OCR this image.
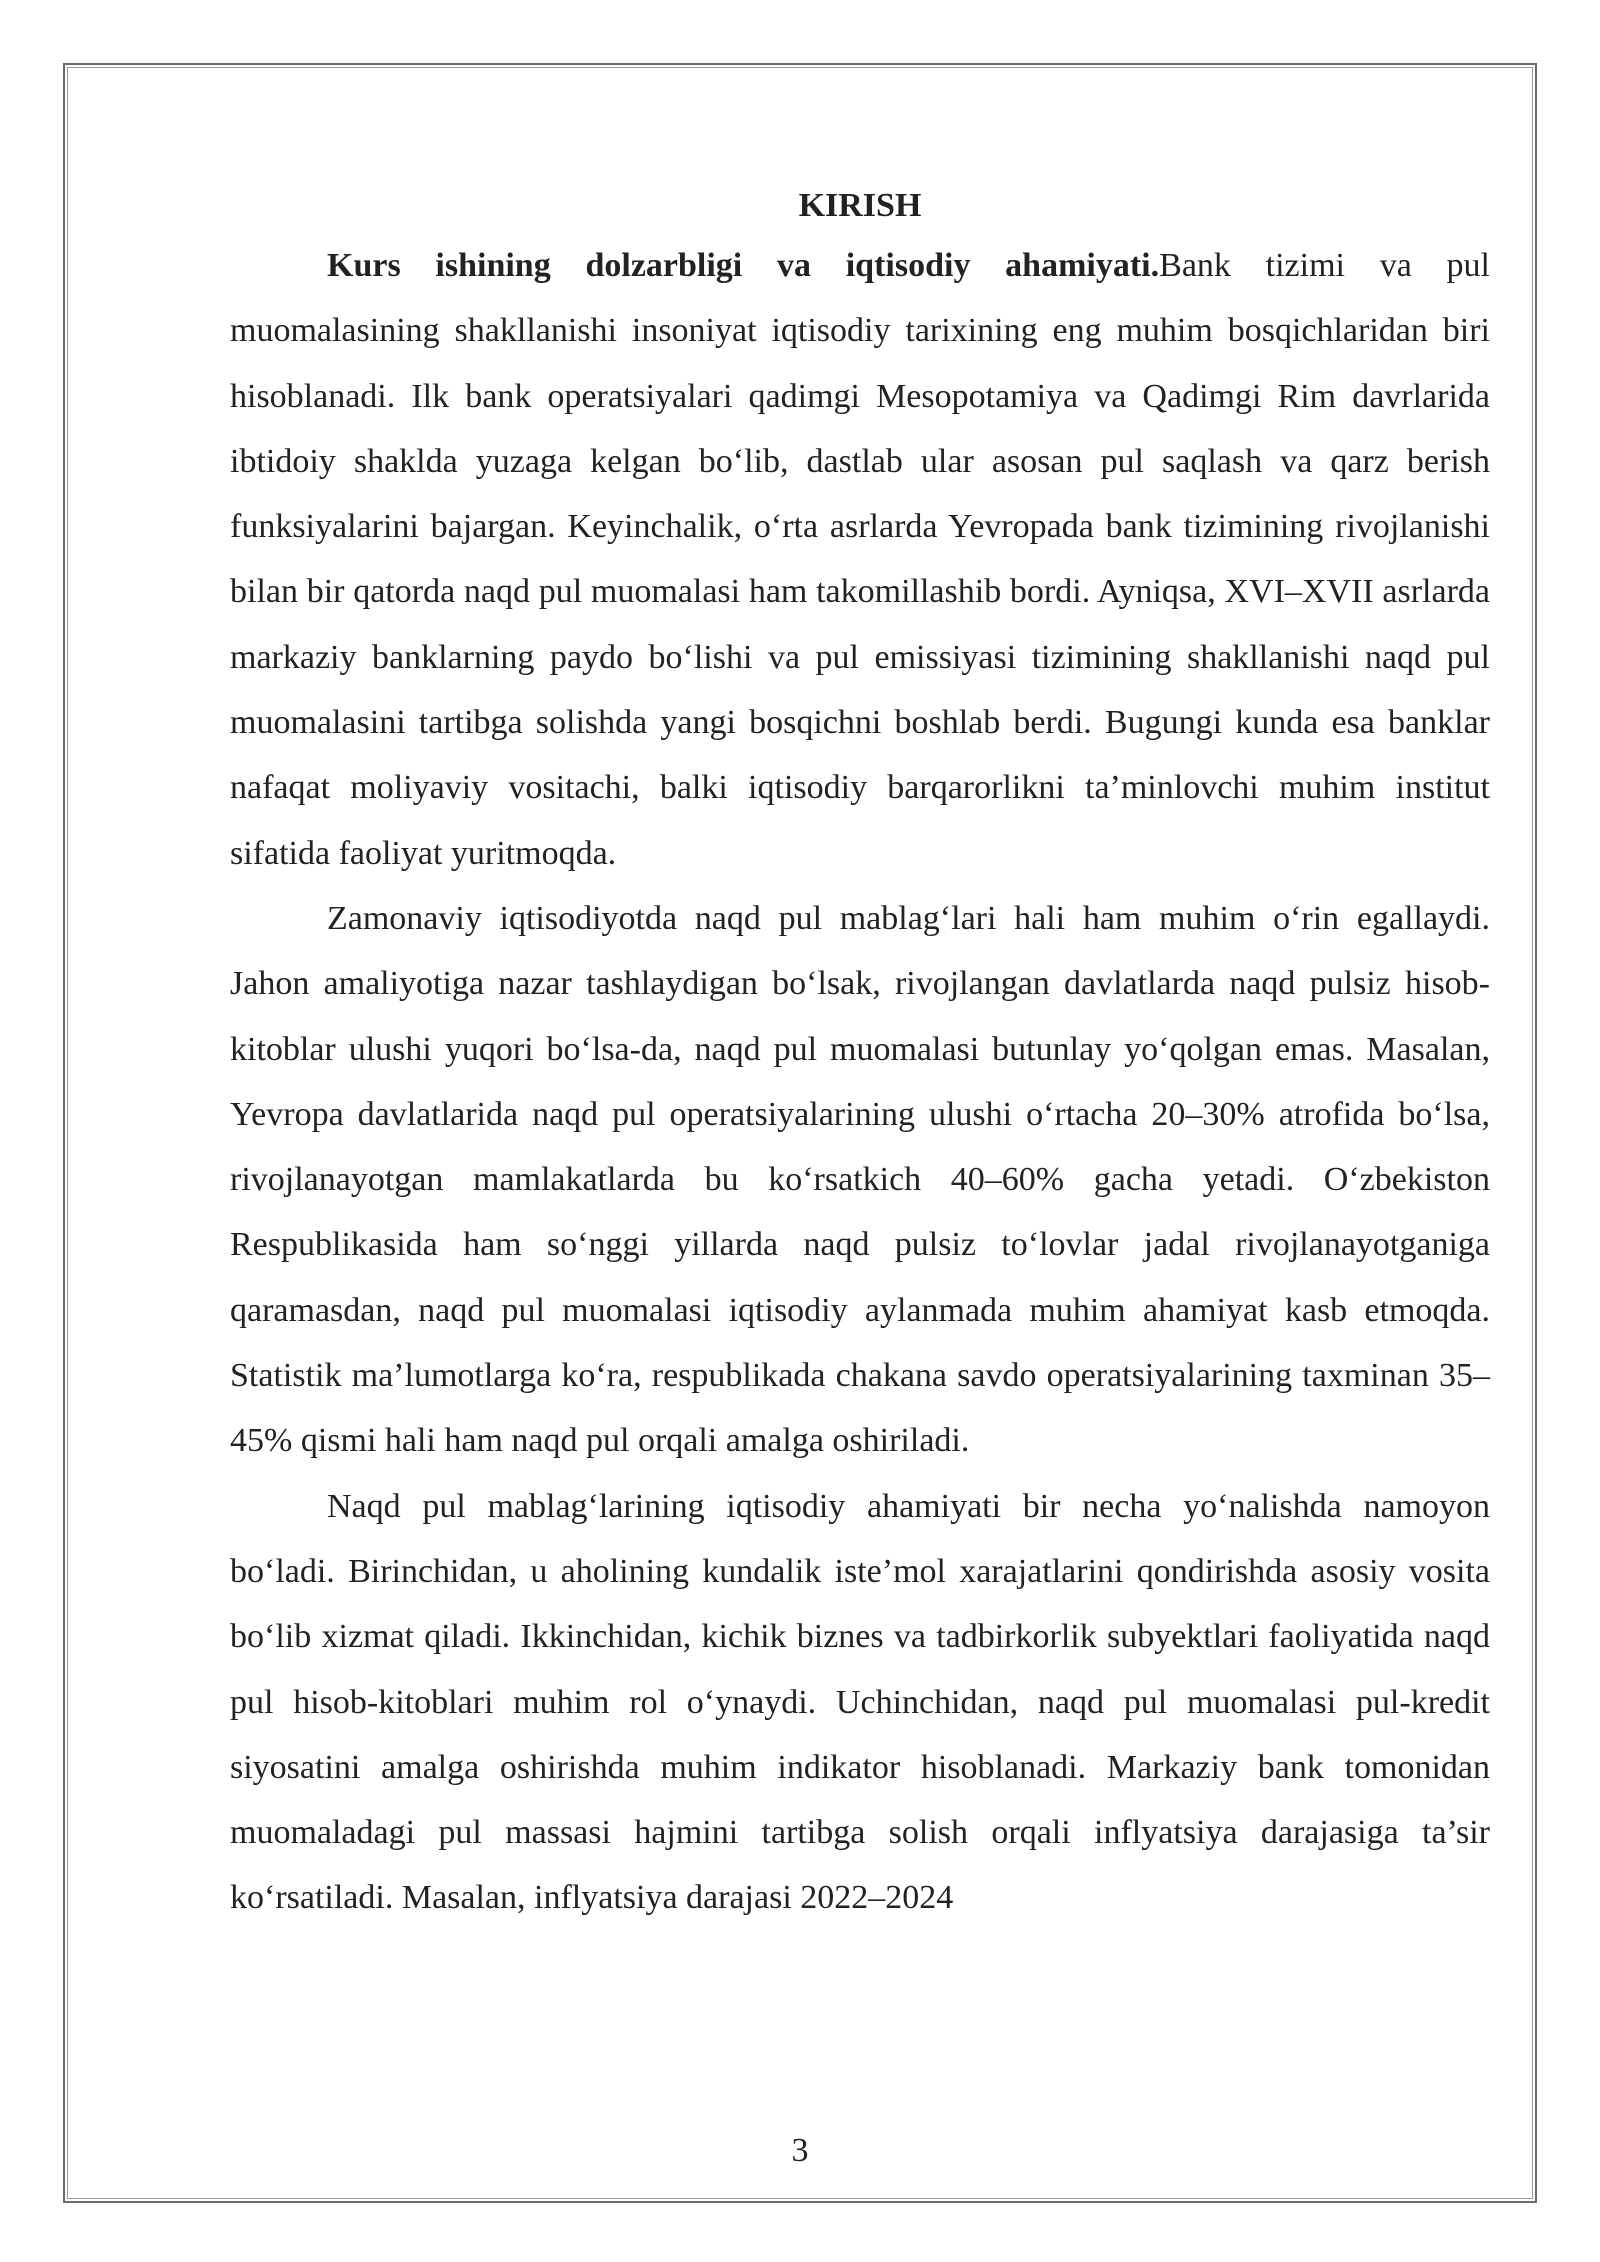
KIRISH

Kurs ishining dolzarbligi va iqtisodiy ahamiyati.Bank tizimi va pul muomalasining shakllanishi insoniyat iqtisodiy tarixining eng muhim bosqichlaridan biri hisoblanadi. Ilk bank operatsiyalari qadimgi Mesopotamiya va Qadimgi Rim davrlarida ibtidoiy shaklda yuzaga kelgan bo‘lib, dastlab ular asosan pul saqlash va qarz berish funksiyalarini bajargan. Keyinchalik, o‘rta asrlarda Yevropada bank tizimining rivojlanishi bilan bir qatorda naqd pul muomalasi ham takomillashib bordi. Ayniqsa, XVI–XVII asrlarda markaziy banklarning paydo bo‘lishi va pul emissiyasi tizimining shakllanishi naqd pul muomalasini tartibga solishda yangi bosqichni boshlab berdi. Bugungi kunda esa banklar nafaqat moliyaviy vositachi, balki iqtisodiy barqarorlikni ta’minlovchi muhim institut sifatida faoliyat yuritmoqda.

Zamonaviy iqtisodiyotda naqd pul mablag‘lari hali ham muhim o‘rin egallaydi. Jahon amaliyotiga nazar tashlaydigan bo‘lsak, rivojlangan davlatlarda naqd pulsiz hisob-kitoblar ulushi yuqori bo‘lsa-da, naqd pul muomalasi butunlay yo‘qolgan emas. Masalan, Yevropa davlatlarida naqd pul operatsiyalarining ulushi o‘rtacha 20–30% atrofida bo‘lsa, rivojlanayotgan mamlakatlarda bu ko‘rsatkich 40–60% gacha yetadi. O‘zbekiston Respublikasida ham so‘nggi yillarda naqd pulsiz to‘lovlar jadal rivojlanayotganiga qaramasdan, naqd pul muomalasi iqtisodiy aylanmada muhim ahamiyat kasb etmoqda. Statistik ma’lumotlarga ko‘ra, respublikada chakana savdo operatsiyalarining taxminan 35–45% qismi hali ham naqd pul orqali amalga oshiriladi.

Naqd pul mablag‘larining iqtisodiy ahamiyati bir necha yo‘nalishda namoyon bo‘ladi. Birinchidan, u aholining kundalik iste’mol xarajatlarini qondirishda asosiy vosita bo‘lib xizmat qiladi. Ikkinchidan, kichik biznes va tadbirkorlik subyektlari faoliyatida naqd pul hisob-kitoblari muhim rol o‘ynaydi. Uchinchidan, naqd pul muomalasi pul-kredit siyosatini amalga oshirishda muhim indikator hisoblanadi. Markaziy bank tomonidan muomaladagi pul massasi hajmini tartibga solish orqali inflyatsiya darajasiga ta’sir ko‘rsatiladi. Masalan, inflyatsiya darajasi 2022–2024

3
